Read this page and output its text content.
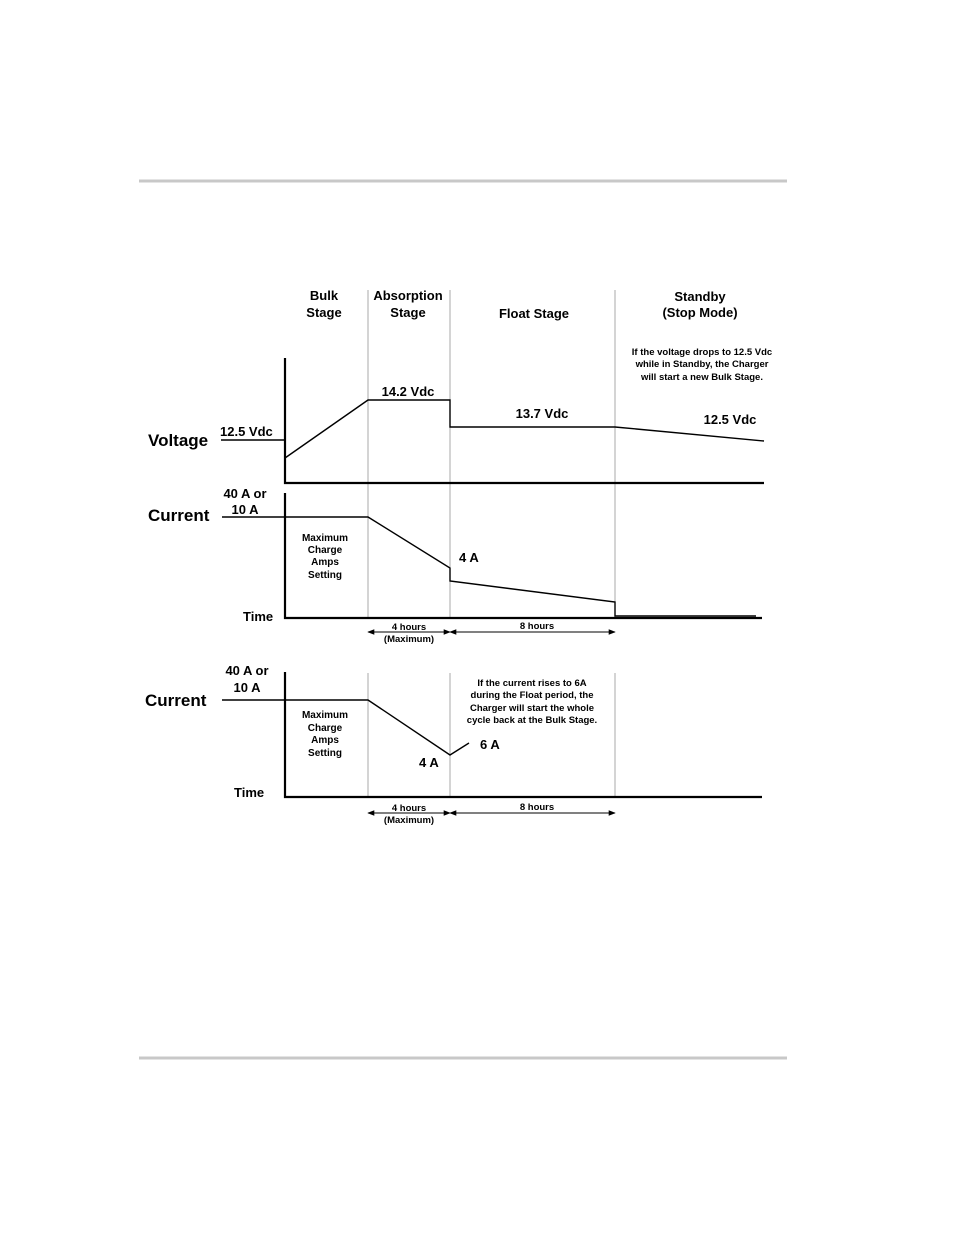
Bulk
Stage
Absorption
Stage	Float Stage
Standby
(Stop Mode)
If the voltage drops to 12.5 Vdc
while in Standby, the Charger
will start a new Bulk Stage.
Voltage 12.5 Vdc
14.2 Vdc
13.7 Vdc	12.5 Vdc
Current
40 A or
10 A
Maximum
Charge
Amps
Setting
4 A
Time
4 hours
(Maximum)
8 hours
Current
40 A or
10 A
Maximum
Charge
Amps
Setting
If the current rises to 6A
during the Float period, the
Charger will start the whole
cycle back at the Bulk Stage.
6 A
4 A
Time
4 hours
(Maximum)
8 hours
